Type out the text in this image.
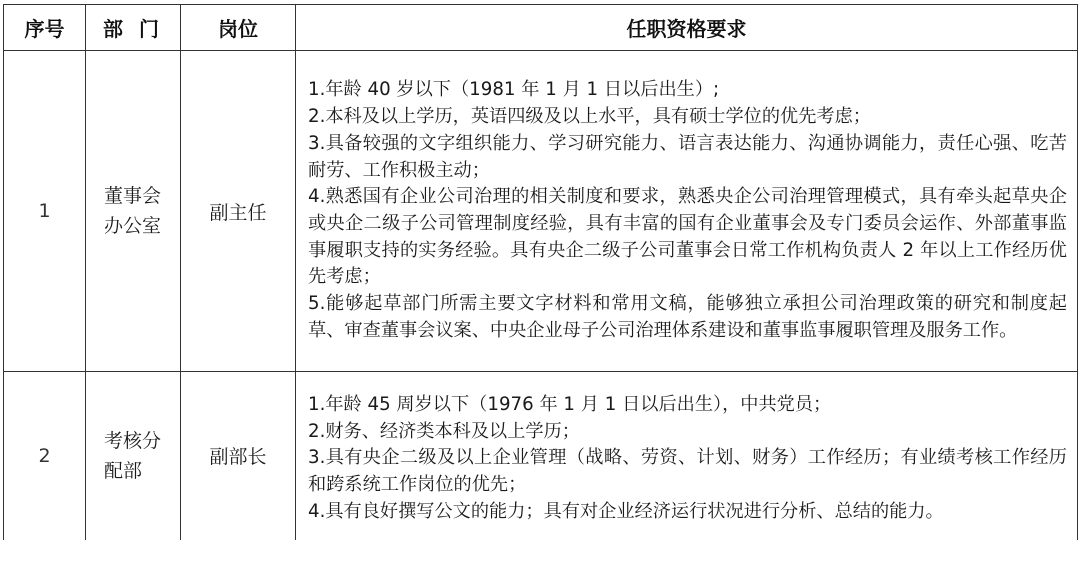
序号	部门	岗位	任职资格要求
1	董事会办公室	副主任	1.年龄 40 岁以下（1981 年 1 月 1 日以后出生）;
2.本科及以上学历，英语四级及以上水平，具有硕士学位的优先考虑；
3.具备较强的文字组织能力、学习研究能力、语言表达能力、沟通协调能力，责任心强、吃苦耐劳、工作积极主动；
4.熟悉国有企业公司治理的相关制度和要求，熟悉央企公司治理管理模式，具有牵头起草央企或央企二级子公司管理制度经验，具有丰富的国有企业董事会及专门委员会运作、外部董事监事履职支持的实务经验。具有央企二级子公司董事会日常工作机构负责人 2 年以上工作经历优先考虑；
5.能够起草部门所需主要文字材料和常用文稿，能够独立承担公司治理政策的研究和制度起草、审查董事会议案、中央企业母子公司治理体系建设和董事监事履职管理及服务工作。

2	考核分配部	副部长	1.年龄 45 周岁以下（1976 年 1 月 1 日以后出生），中共党员；
2.财务、经济类本科及以上学历；
3.具有央企二级及以上企业管理（战略、劳资、计划、财务）工作经历；有业绩考核工作经历和跨系统工作岗位的优先；
4.具有良好撰写公文的能力；具有对企业经济运行状况进行分析、总结的能力。
